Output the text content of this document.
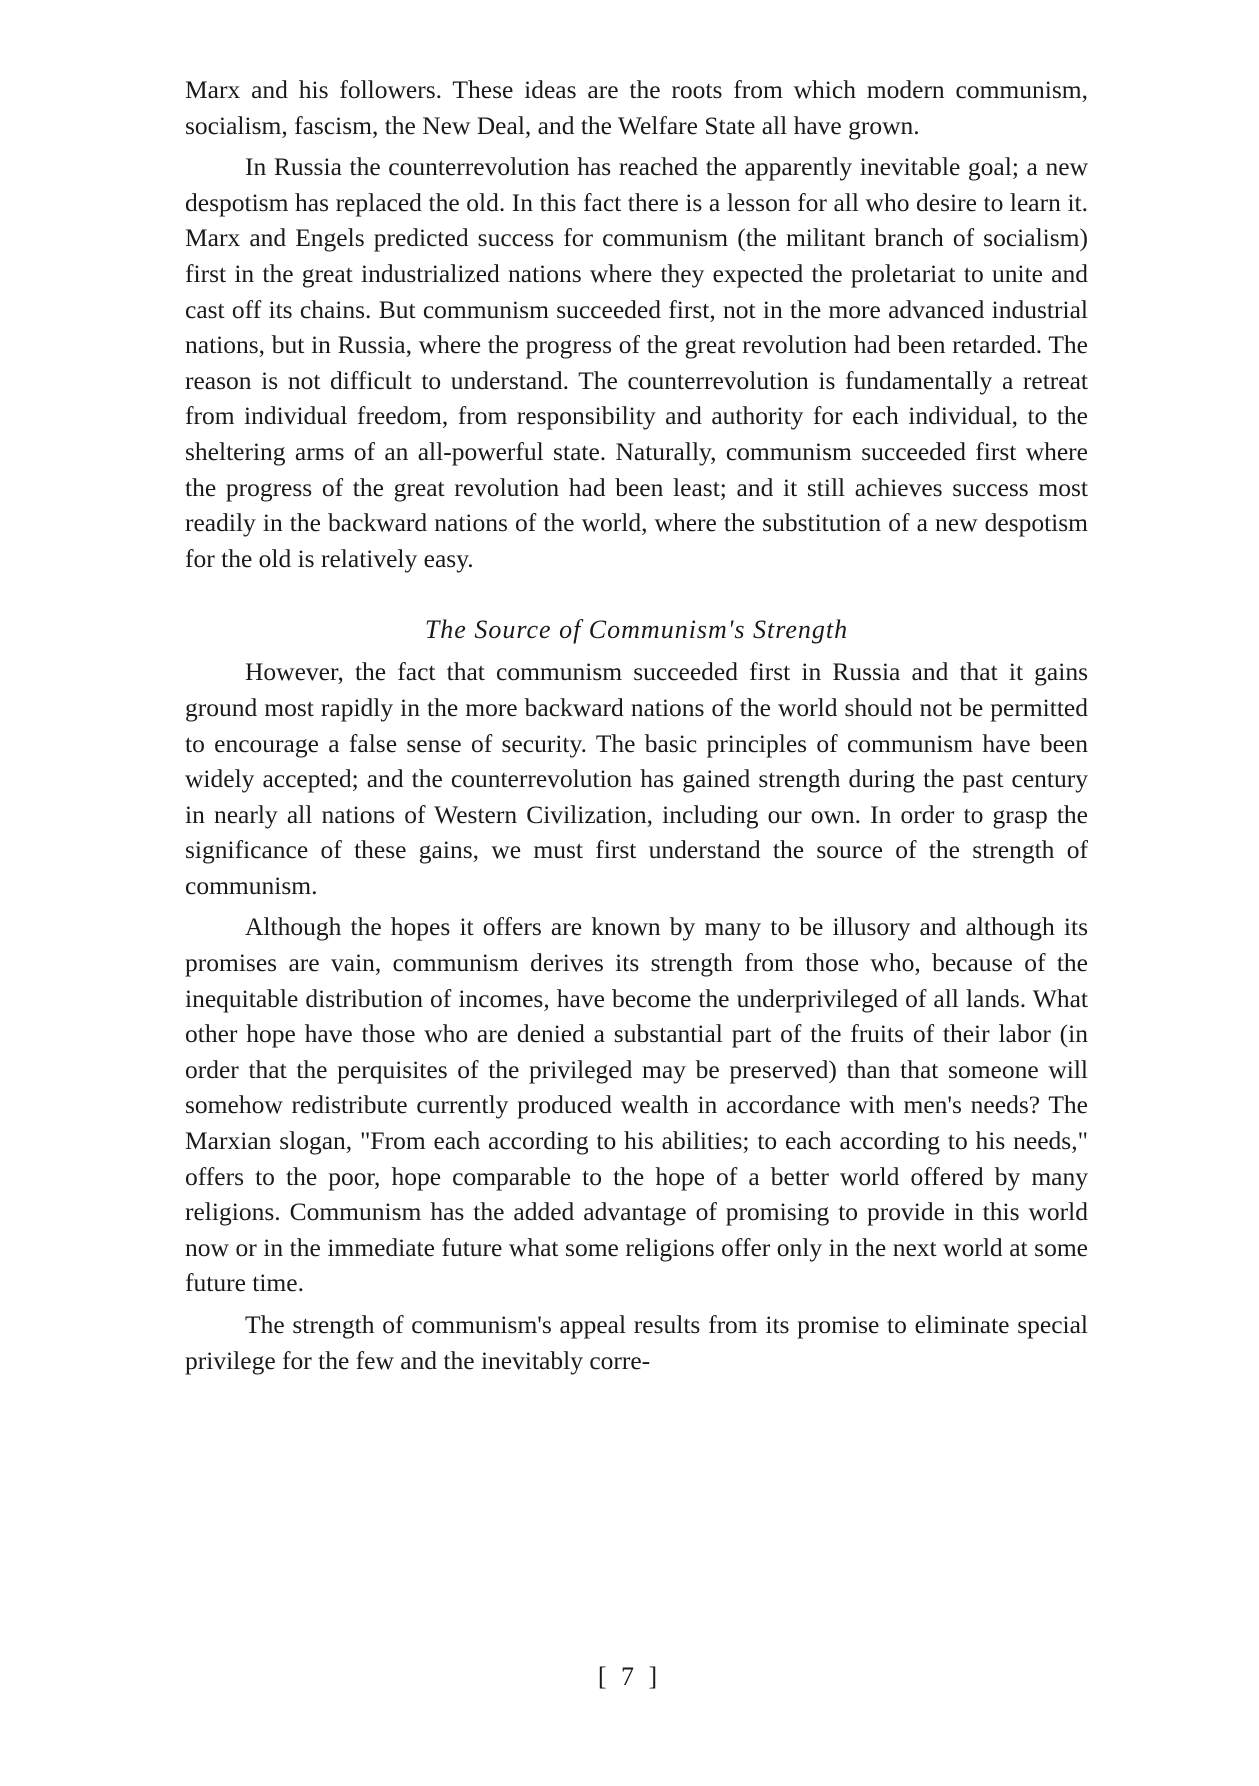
Marx and his followers. These ideas are the roots from which modern communism, socialism, fascism, the New Deal, and the Welfare State all have grown.

In Russia the counterrevolution has reached the apparently inevitable goal; a new despotism has replaced the old. In this fact there is a lesson for all who desire to learn it. Marx and Engels predicted success for communism (the militant branch of socialism) first in the great industrialized nations where they expected the proletariat to unite and cast off its chains. But communism succeeded first, not in the more advanced industrial nations, but in Russia, where the progress of the great revolution had been retarded. The reason is not difficult to understand. The counterrevolution is fundamentally a retreat from individual freedom, from responsibility and authority for each individual, to the sheltering arms of an all-powerful state. Naturally, communism succeeded first where the progress of the great revolution had been least; and it still achieves success most readily in the backward nations of the world, where the substitution of a new despotism for the old is relatively easy.

The Source of Communism's Strength

However, the fact that communism succeeded first in Russia and that it gains ground most rapidly in the more backward nations of the world should not be permitted to encourage a false sense of security. The basic principles of communism have been widely accepted; and the counterrevolution has gained strength during the past century in nearly all nations of Western Civilization, including our own. In order to grasp the significance of these gains, we must first understand the source of the strength of communism.

Although the hopes it offers are known by many to be illusory and although its promises are vain, communism derives its strength from those who, because of the inequitable distribution of incomes, have become the underprivileged of all lands. What other hope have those who are denied a substantial part of the fruits of their labor (in order that the perquisites of the privileged may be preserved) than that someone will somehow redistribute currently produced wealth in accordance with men's needs? The Marxian slogan, "From each according to his abilities; to each according to his needs," offers to the poor, hope comparable to the hope of a better world offered by many religions. Communism has the added advantage of promising to provide in this world now or in the immediate future what some religions offer only in the next world at some future time.

The strength of communism's appeal results from its promise to eliminate special privilege for the few and the inevitably corre-

[ 7 ]
